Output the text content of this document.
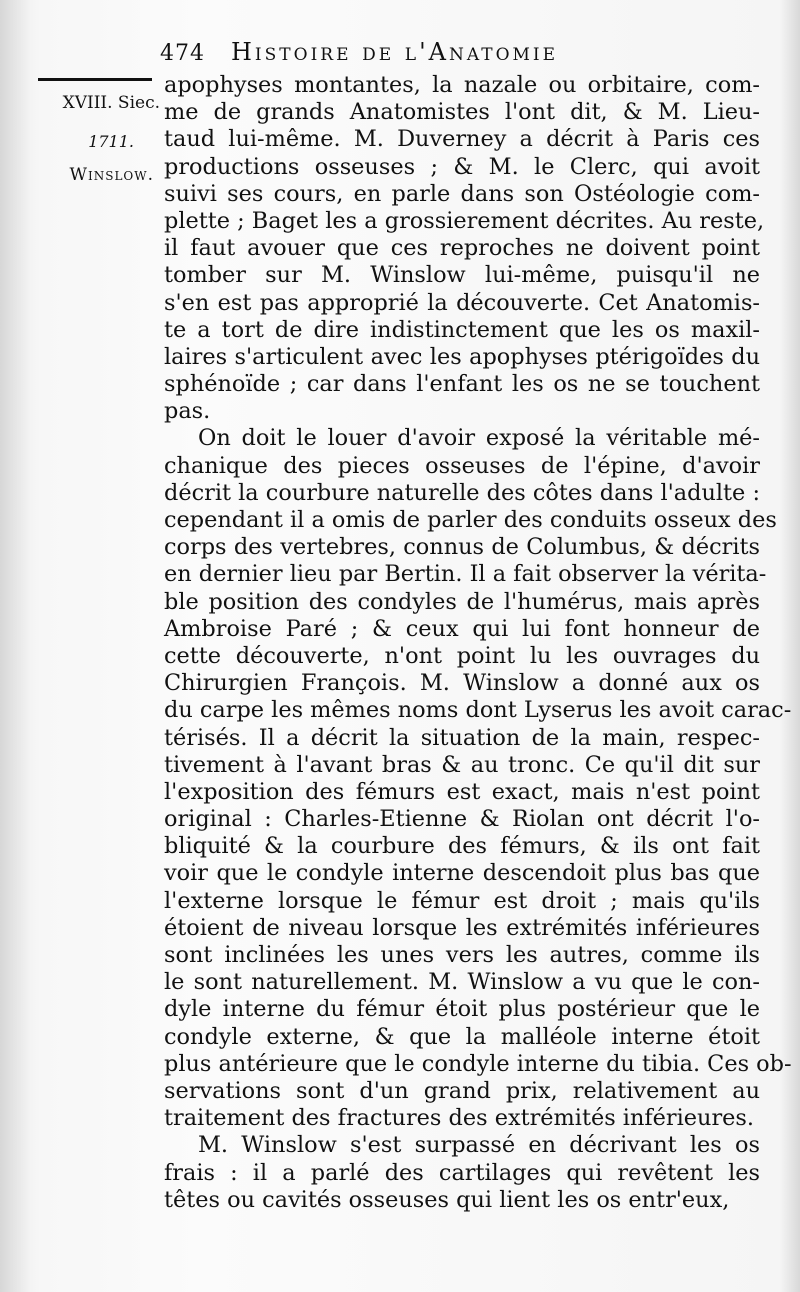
474 Histoire de l'Anatomie
XVIII. Siec.
1711.
Winslow.
apophyses montantes, la nazale ou orbitaire, com-
me de grands Anatomistes l'ont dit, & M. Lieu-
taud lui-même. M. Duverney a décrit à Paris ces
productions osseuses ; & M. le Clerc, qui avoit
suivi ses cours, en parle dans son Ostéologie com-
plette ; Baget les a grossierement décrites. Au reste,
il faut avouer que ces reproches ne doivent point
tomber sur M. Winslow lui-même, puisqu'il ne
s'en est pas approprié la découverte. Cet Anatomis-
te a tort de dire indistinctement que les os maxil-
laires s'articulent avec les apophyses ptérigoïdes du
sphénoïde ; car dans l'enfant les os ne se touchent
pas.
On doit le louer d'avoir exposé la véritable mé-
chanique des pieces osseuses de l'épine, d'avoir
décrit la courbure naturelle des côtes dans l'adulte :
cependant il a omis de parler des conduits osseux des
corps des vertebres, connus de Columbus, & décrits
en dernier lieu par Bertin. Il a fait observer la vérita-
ble position des condyles de l'humérus, mais après
Ambroise Paré ; & ceux qui lui font honneur de
cette découverte, n'ont point lu les ouvrages du
Chirurgien François. M. Winslow a donné aux os
du carpe les mêmes noms dont Lyserus les avoit carac-
térisés. Il a décrit la situation de la main, respec-
tivement à l'avant bras & au tronc. Ce qu'il dit sur
l'exposition des fémurs est exact, mais n'est point
original : Charles-Etienne & Riolan ont décrit l'o-
bliquité & la courbure des fémurs, & ils ont fait
voir que le condyle interne descendoit plus bas que
l'externe lorsque le fémur est droit ; mais qu'ils
étoient de niveau lorsque les extrémités inférieures
sont inclinées les unes vers les autres, comme ils
le sont naturellement. M. Winslow a vu que le con-
dyle interne du fémur étoit plus postérieur que le
condyle externe, & que la malléole interne étoit
plus antérieure que le condyle interne du tibia. Ces ob-
servations sont d'un grand prix, relativement au
traitement des fractures des extrémités inférieures.
M. Winslow s'est surpassé en décrivant les os
frais : il a parlé des cartilages qui revêtent les
têtes ou cavités osseuses qui lient les os entr'eux,
